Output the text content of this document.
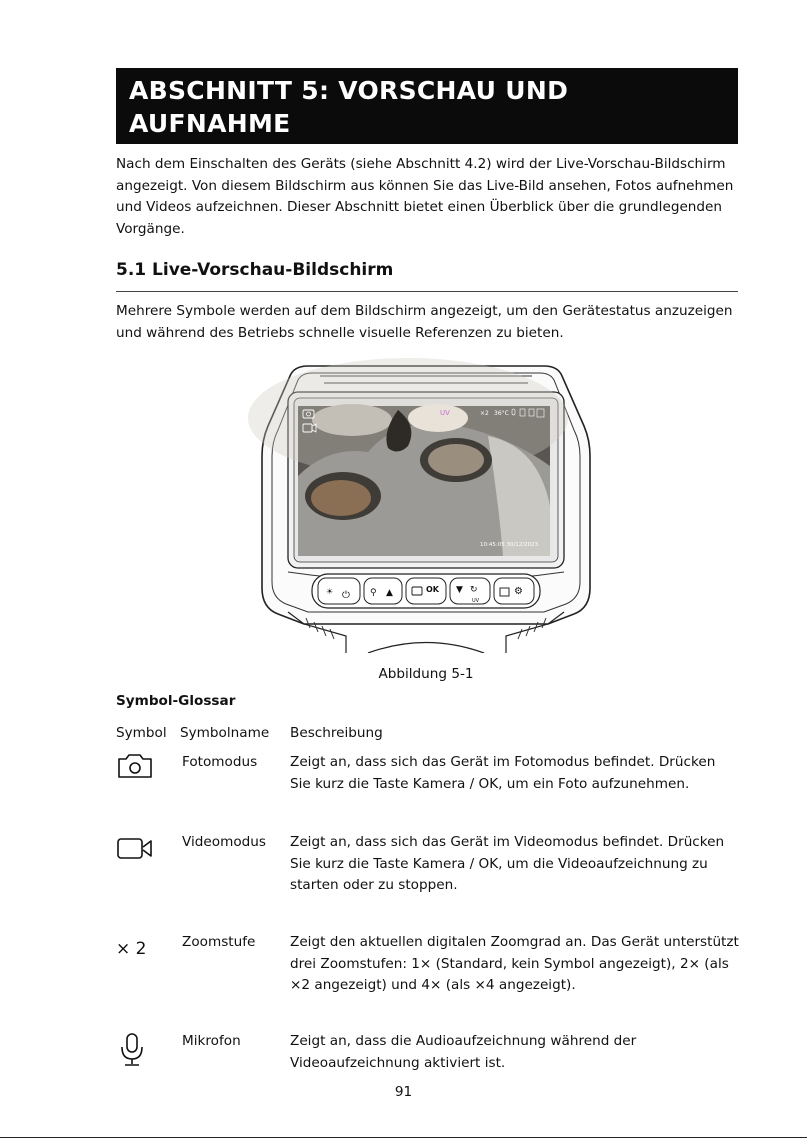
ABSCHNITT 5: VORSCHAU UND AUFNAHME

Nach dem Einschalten des Geräts (siehe Abschnitt 4.2) wird der Live-Vorschau-Bildschirm angezeigt. Von diesem Bildschirm aus können Sie das Live-Bild ansehen, Fotos aufnehmen und Videos aufzeichnen. Dieser Abschnitt bietet einen Überblick über die grundlegenden Vorgänge.

5.1 Live-Vorschau-Bildschirm

Mehrere Symbole werden auf dem Bildschirm angezeigt, um den Gerätestatus anzuzeigen und während des Betriebs schnelle visuelle Referenzen zu bieten.

UV	×2 36°C
10:45:05 30/12/2023
☀ ⏻ ⚲ ▲	OK ▼ ↻
UV
⚙
Abbildung 5-1

Symbol-Glossar

Symbol Symbolname Beschreibung
Fotomodus Zeigt an, dass sich das Gerät im Fotomodus befindet. Drücken Sie kurz die Taste Kamera / OK, um ein Foto aufzunehmen.
Videomodus Zeigt an, dass sich das Gerät im Videomodus befindet. Drücken Sie kurz die Taste Kamera / OK, um die Videoaufzeichnung zu starten oder zu stoppen.
× 2	Zoomstufe	Zeigt den aktuellen digitalen Zoomgrad an. Das Gerät unterstützt drei Zoomstufen: 1× (Standard, kein Symbol angezeigt), 2× (als ×2 angezeigt) und 4× (als ×4 angezeigt).
Mikrofon	Zeigt an, dass die Audioaufzeichnung während der Videoaufzeichnung aktiviert ist.
91
